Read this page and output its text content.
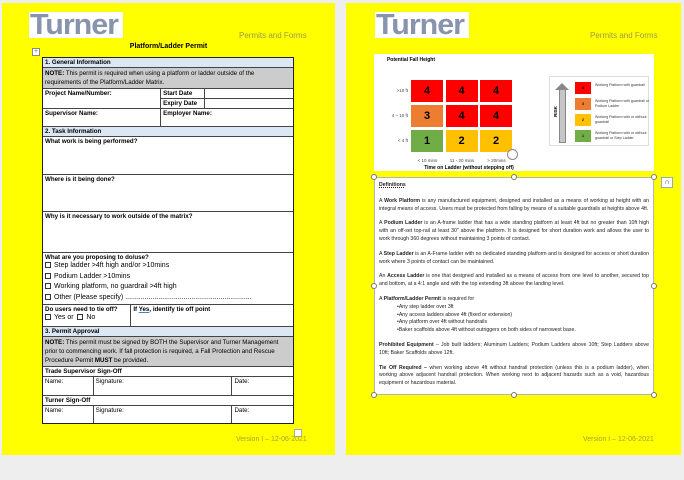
Turner	Permits and Forms
Platform/Ladder Permit
+
1. General Information
NOTE: This permit is required when using a platform or ladder outside of the requirements of the Platform/Ladder Matrix.
Project Name/Number:	Start Date
Expiry Date
Supervisor Name:	Employer Name:
2. Task Information
What work is being performed?
Where is it being done?
Why is it necessary to work outside of the matrix?
What are you proposing to do/use?
Step ladder >4ft high and/or >10mins
Podium Ladder >10mins
Working platform, no guardrail >4ft high
Other (Please specify) .................................................................
Do users need to tie off?
Yes or No
If Yes, identify tie off point
3. Permit Approval
NOTE: This permit must be signed by BOTH the Supervisor and Turner Management prior to commencing work. If fall protection is required, a Fall Protection and Rescue Procedure Permit MUST be provided.
Trade Supervisor Sign-Off
Name:	Signature:	Date:
Turner Sign-Off
Name:	Signature:	Date:
Version I – 12-06-2021
Turner	Permits and Forms
Potential Fall Height
>10 ft	4	4	4
4 – 10 ft	3	4	4
< 4 ft	1	2	2
< 10 mins	11 - 20 mins	> 20mins
Time on Ladder (without stepping off)
RISK
4
Working Platform with guardrail
3
Working Platform with guardrail or Podium Ladder
2
Working Platform with or without guardrail
1
Working Platform with or without guardrail or Step Ladder

Definitions

A Work Platform is any manufactured equipment, designed and installed as a means of working at height with an integral means of access. Users must be protected from falling by means of a suitable guardrails at heights above 4ft.

A Podium Ladder is an A-frame ladder that has a wide standing platform at least 4ft but no greater than 10ft high with an off-set top-rail at least 30" above the platform. It is designed for short duration work and allows the user to work through 360 degrees without maintaining 3 points of contact.

A Step Ladder is an A-Frame ladder with no dedicated standing platform and is designed for access or short duration work where 3 points of contact can be maintained.

An Access Ladder is one that designed and installed as a means of access from one level to another, secured top and bottom, at a 4:1 angle and with the top extending 3ft above the landing level.

A Platform/Ladder Permit is required for

•Any step ladder over 3ft
•Any access ladders above 4ft (fixed or extension)
•Any platform over 4ft without handrails
•Baker scaffolds above 4ft without outriggers on both sides of narrowest base.

Prohibited Equipment – Job built ladders; Aluminum Ladders; Podium Ladders above 10ft; Step Ladders above 10ft; Baker Scaffolds above 12ft.

Tie Off Required – when working above 4ft without handrail protection (unless this is a podium ladder), when working above adjacent handrail protection. When working next to adjacent hazards such as a void, hazardous equipment or hazardous material.

∩
Version I – 12-06-2021
